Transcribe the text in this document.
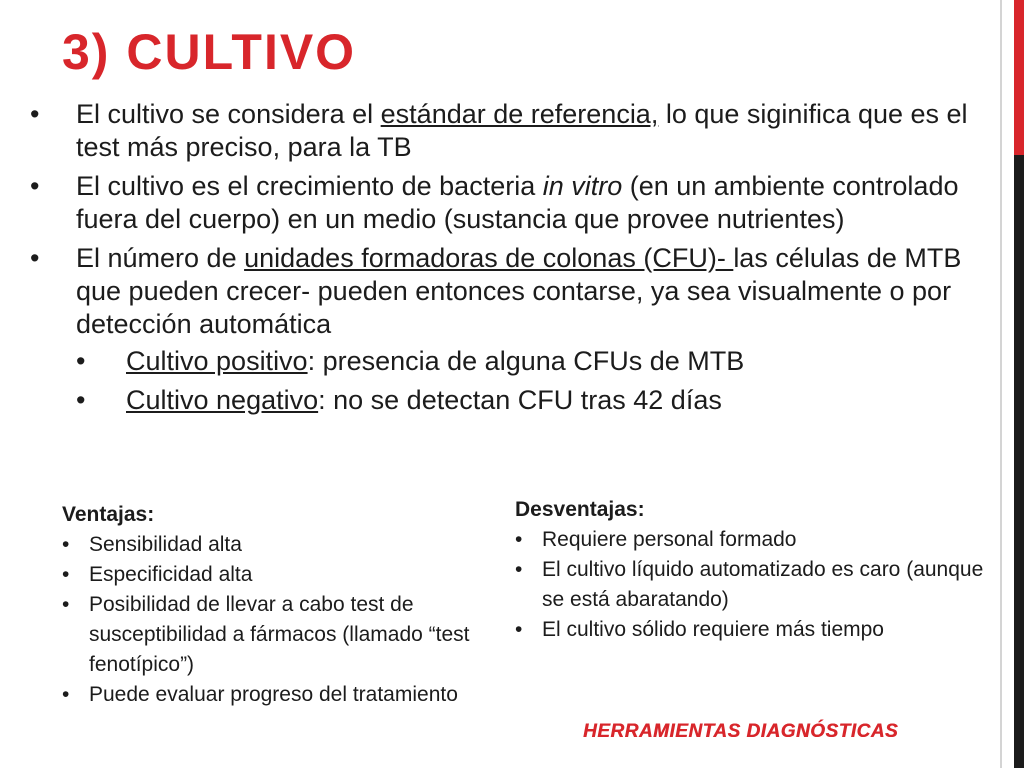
3) CULTIVO
• El cultivo se considera el estándar de referencia, lo que siginifica que es el test más preciso, para la TB
• El cultivo es el crecimiento de bacteria in vitro (en un ambiente controlado fuera del cuerpo) en un medio (sustancia que provee nutrientes)
• El número de unidades formadoras de colonas (CFU)- las células de MTB que pueden crecer- pueden entonces contarse, ya sea visualmente o por detección automática
• Cultivo positivo: presencia de alguna CFUs de MTB
• Cultivo negativo: no se detectan CFU tras 42 días
Ventajas:
• Sensibilidad alta
• Especificidad alta
• Posibilidad de llevar a cabo test de susceptibilidad a fármacos (llamado “test fenotípico”)
• Puede evaluar progreso del tratamiento
Desventajas:
• Requiere personal formado
• El cultivo líquido automatizado es caro (aunque se está abaratando)
• El cultivo sólido requiere más tiempo
HERRAMIENTAS DIAGNÓSTICAS
